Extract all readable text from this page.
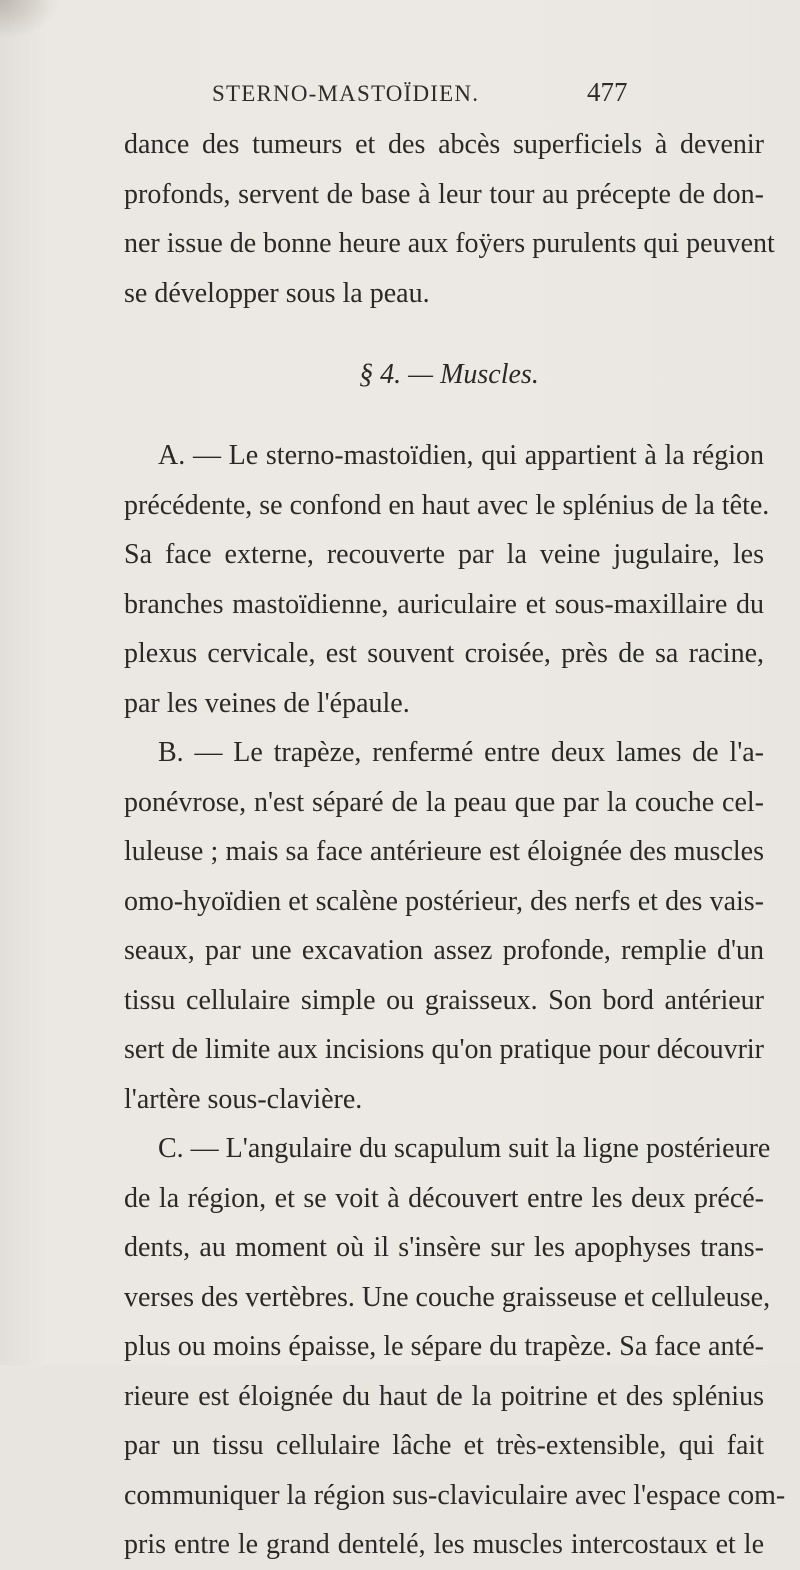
STERNO-MASTOÏDIEN.	477
dance des tumeurs et des abcès superficiels à devenir
profonds, servent de base à leur tour au précepte de don-
ner issue de bonne heure aux foÿers purulents qui peuvent
se développer sous la peau.
§ 4. — Muscles.
A. — Le sterno-mastoïdien, qui appartient à la région
précédente, se confond en haut avec le splénius de la tête.
Sa face externe, recouverte par la veine jugulaire, les
branches mastoïdienne, auriculaire et sous-maxillaire du
plexus cervicale, est souvent croisée, près de sa racine,
par les veines de l'épaule.
B. — Le trapèze, renfermé entre deux lames de l'a-
ponévrose, n'est séparé de la peau que par la couche cel-
luleuse ; mais sa face antérieure est éloignée des muscles
omo-hyoïdien et scalène postérieur, des nerfs et des vais-
seaux, par une excavation assez profonde, remplie d'un
tissu cellulaire simple ou graisseux. Son bord antérieur
sert de limite aux incisions qu'on pratique pour découvrir
l'artère sous-clavière.
C. — L'angulaire du scapulum suit la ligne postérieure
de la région, et se voit à découvert entre les deux précé-
dents, au moment où il s'insère sur les apophyses trans-
verses des vertèbres. Une couche graisseuse et celluleuse,
plus ou moins épaisse, le sépare du trapèze. Sa face anté-
rieure est éloignée du haut de la poitrine et des splénius
par un tissu cellulaire lâche et très-extensible, qui fait
communiquer la région sus-claviculaire avec l'espace com-
pris entre le grand dentelé, les muscles intercostaux et le
